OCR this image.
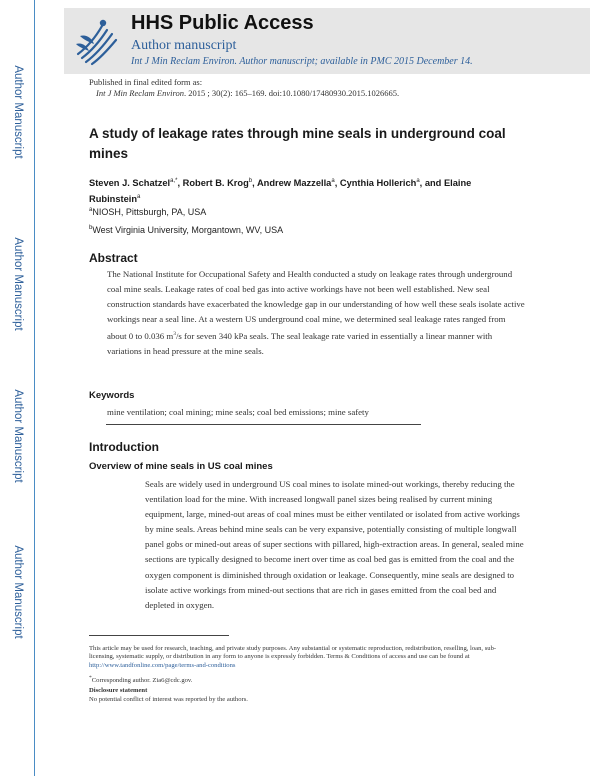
Author Manuscript
Author Manuscript
Author Manuscript
Author Manuscript
HHS Public Access
Author manuscript
Int J Min Reclam Environ. Author manuscript; available in PMC 2015 December 14.
Published in final edited form as:
Int J Min Reclam Environ. 2015 ; 30(2): 165–169. doi:10.1080/17480930.2015.1026665.
A study of leakage rates through mine seals in underground coal mines
Steven J. Schatzel$^{a,*}$, Robert B. Krog$^b$, Andrew Mazzella$^a$, Cynthia Hollerich$^a$, and Elaine Rubinstein$^a$
$^a$NIOSH, Pittsburgh, PA, USA
$^b$West Virginia University, Morgantown, WV, USA
Abstract
The National Institute for Occupational Safety and Health conducted a study on leakage rates through underground coal mine seals. Leakage rates of coal bed gas into active workings have not been well established. New seal construction standards have exacerbated the knowledge gap in our understanding of how well these seals isolate active workings near a seal line. At a western US underground coal mine, we determined seal leakage rates ranged from about 0 to 0.036 $m^3/s$ for seven 340 kPa seals. The seal leakage rate varied in essentially a linear manner with variations in head pressure at the mine seals.
Keywords
mine ventilation; coal mining; mine seals; coal bed emissions; mine safety
Introduction
Overview of mine seals in US coal mines
Seals are widely used in underground US coal mines to isolate mined-out workings, thereby reducing the ventilation load for the mine. With increased longwall panel sizes being realised by current mining equipment, large, mined-out areas of coal mines must be either ventilated or isolated from active workings by mine seals. Areas behind mine seals can be very expansive, potentially consisting of multiple longwall panel gobs or mined-out areas of super sections with pillared, high-extraction areas. In general, sealed mine sections are typically designed to become inert over time as coal bed gas is emitted from the coal and the oxygen component is diminished through oxidation or leakage. Consequently, mine seals are designed to isolate active workings from mined-out sections that are rich in gases emitted from the coal bed and depleted in oxygen.
This article may be used for research, teaching, and private study purposes. Any substantial or systematic reproduction, redistribution, reselling, loan, sub-licensing, systematic supply, or distribution in any form to anyone is expressly forbidden. Terms & Conditions of access and use can be found at http://www.tandfonline.com/page/terms-and-conditions
*Corresponding author. Zia6@cdc.gov.
Disclosure statement
No potential conflict of interest was reported by the authors.
